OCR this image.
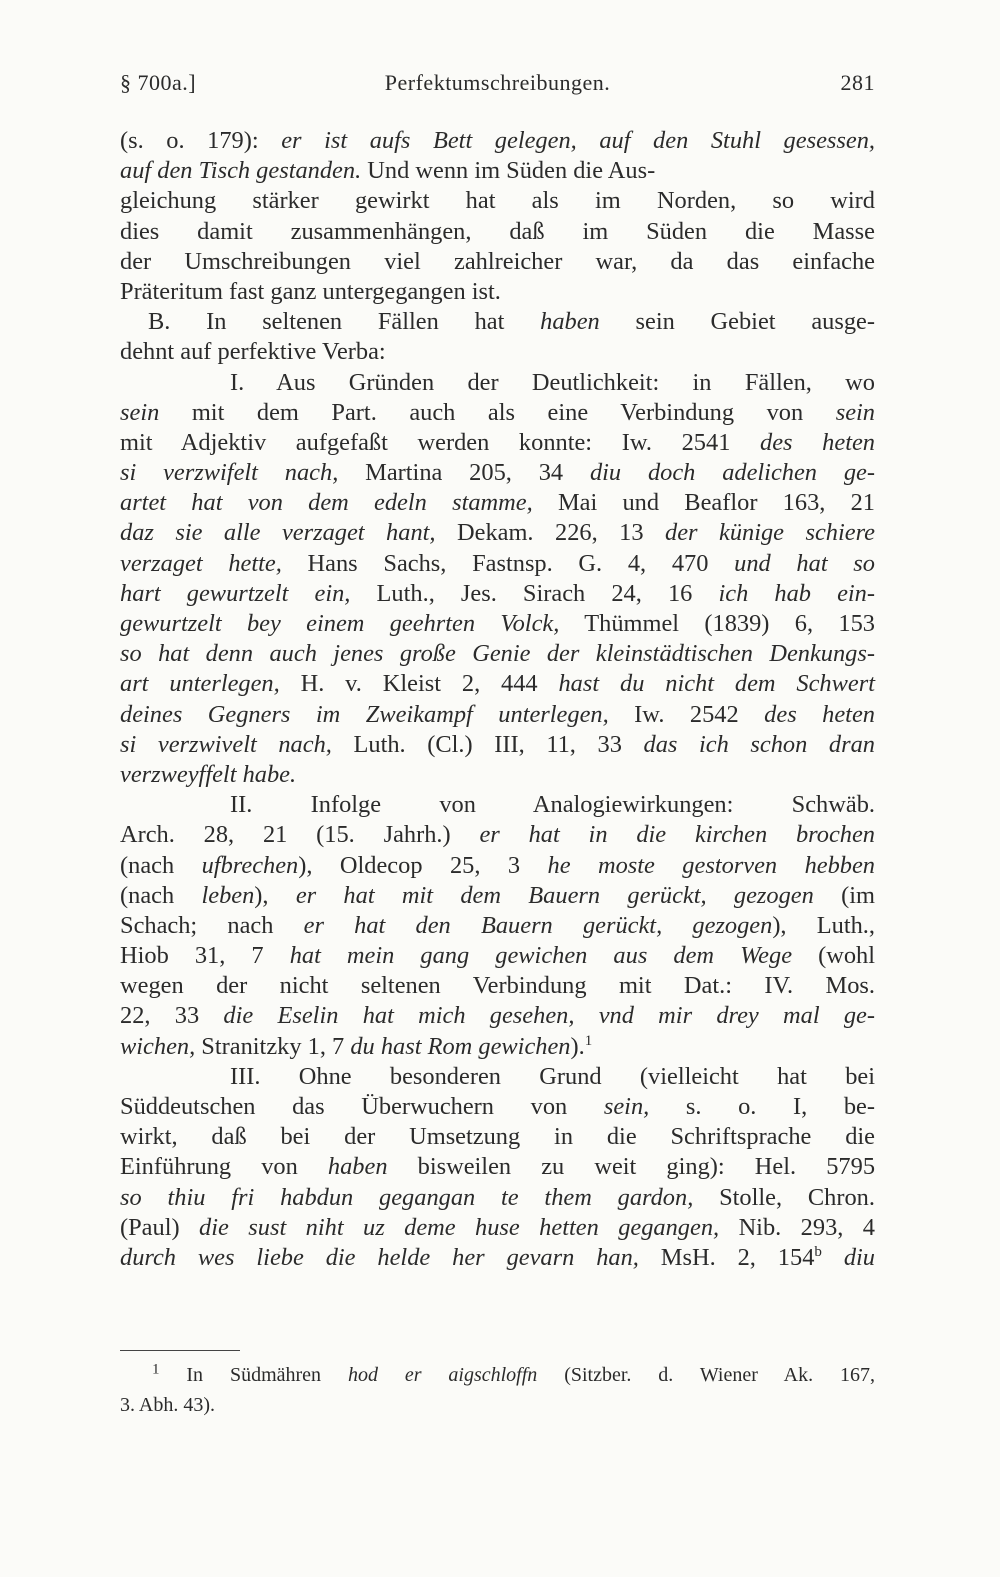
§ 700a.]	Perfektumschreibungen.	281
(s. o. 179): er ist aufs Bett gelegen, auf den Stuhl gesessen,
auf den Tisch gestanden. Und wenn im Süden die Aus-
gleichung stärker gewirkt hat als im Norden, so wird
dies damit zusammenhängen, daß im Süden die Masse
der Umschreibungen viel zahlreicher war, da das einfache
Präteritum fast ganz untergegangen ist.
B. In seltenen Fällen hat haben sein Gebiet ausge-
dehnt auf perfektive Verba:
I. Aus Gründen der Deutlichkeit: in Fällen, wo
sein mit dem Part. auch als eine Verbindung von sein
mit Adjektiv aufgefaßt werden konnte: Iw. 2541 des heten
si verzwifelt nach, Martina 205, 34 diu doch adelichen ge-
artet hat von dem edeln stamme, Mai und Beaflor 163, 21
daz sie alle verzaget hant, Dekam. 226, 13 der künige schiere
verzaget hette, Hans Sachs, Fastnsp. G. 4, 470 und hat so
hart gewurtzelt ein, Luth., Jes. Sirach 24, 16 ich hab ein-
gewurtzelt bey einem geehrten Volck, Thümmel (1839) 6, 153
so hat denn auch jenes große Genie der kleinstädtischen Denkungs-
art unterlegen, H. v. Kleist 2, 444 hast du nicht dem Schwert
deines Gegners im Zweikampf unterlegen, Iw. 2542 des heten
si verzwivelt nach, Luth. (Cl.) III, 11, 33 das ich schon dran
verzweyffelt habe.
II. Infolge von Analogiewirkungen: Schwäb.
Arch. 28, 21 (15. Jahrh.) er hat in die kirchen brochen
(nach ufbrechen), Oldecop 25, 3 he moste gestorven hebben
(nach leben), er hat mit dem Bauern gerückt, gezogen (im
Schach; nach er hat den Bauern gerückt, gezogen), Luth.,
Hiob 31, 7 hat mein gang gewichen aus dem Wege (wohl
wegen der nicht seltenen Verbindung mit Dat.: IV. Mos.
22, 33 die Eselin hat mich gesehen, vnd mir drey mal ge-
wichen, Stranitzky 1, 7 du hast Rom gewichen).$^1$
III. Ohne besonderen Grund (vielleicht hat bei
Süddeutschen das Überwuchern von sein, s. o. I, be-
wirkt, daß bei der Umsetzung in die Schriftsprache die
Einführung von haben bisweilen zu weit ging): Hel. 5795
so thiu fri habdun gegangan te them gardon, Stolle, Chron.
(Paul) die sust niht uz deme huse hetten gegangen, Nib. 293, 4
durch wes liebe die helde her gevarn han, MsH. 2, 154$^b$ diu
$^1$ In Südmähren hod er aigschloffn (Sitzber. d. Wiener Ak. 167,
3. Abh. 43).
